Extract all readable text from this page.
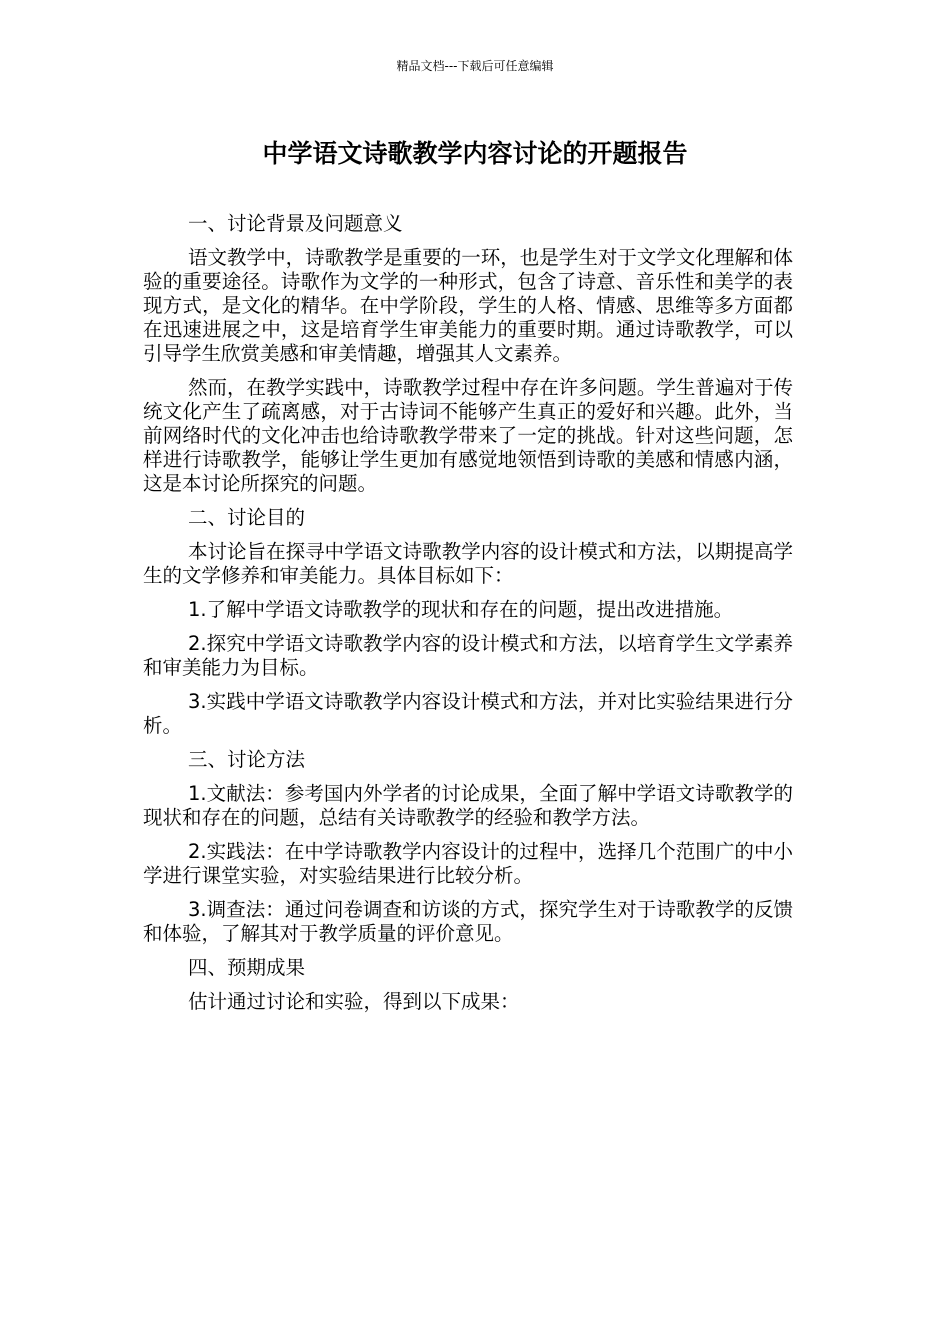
精品文档---下载后可任意编辑
中学语文诗歌教学内容讨论的开题报告

一、讨论背景及问题意义

语文教学中，诗歌教学是重要的一环，也是学生对于文学文化理解和体验的重要途径。诗歌作为文学的一种形式，包含了诗意、音乐性和美学的表现方式，是文化的精华。在中学阶段，学生的人格、情感、思维等多方面都在迅速进展之中，这是培育学生审美能力的重要时期。通过诗歌教学，可以引导学生欣赏美感和审美情趣，增强其人文素养。

然而，在教学实践中，诗歌教学过程中存在许多问题。学生普遍对于传统文化产生了疏离感，对于古诗词不能够产生真正的爱好和兴趣。此外，当前网络时代的文化冲击也给诗歌教学带来了一定的挑战。针对这些问题，怎样进行诗歌教学，能够让学生更加有感觉地领悟到诗歌的美感和情感内涵，这是本讨论所探究的问题。

二、讨论目的

本讨论旨在探寻中学语文诗歌教学内容的设计模式和方法，以期提高学生的文学修养和审美能力。具体目标如下：

1.了解中学语文诗歌教学的现状和存在的问题，提出改进措施。

2.探究中学语文诗歌教学内容的设计模式和方法，以培育学生文学素养和审美能力为目标。

3.实践中学语文诗歌教学内容设计模式和方法，并对比实验结果进行分析。

三、讨论方法

1.文献法：参考国内外学者的讨论成果，全面了解中学语文诗歌教学的现状和存在的问题，总结有关诗歌教学的经验和教学方法。

2.实践法：在中学诗歌教学内容设计的过程中，选择几个范围广的中小学进行课堂实验，对实验结果进行比较分析。

3.调查法：通过问卷调查和访谈的方式，探究学生对于诗歌教学的反馈和体验，了解其对于教学质量的评价意见。

四、预期成果

估计通过讨论和实验，得到以下成果：
